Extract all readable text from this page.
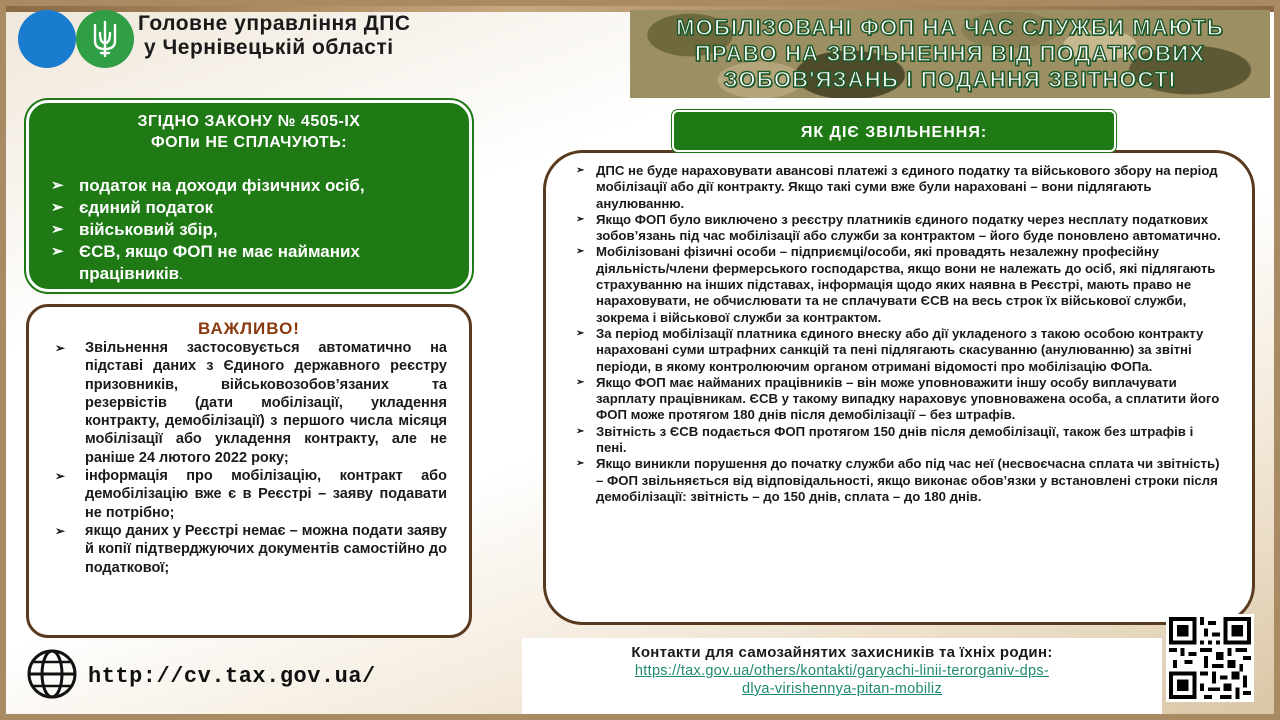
Головне управління ДПС
у Чернівецькій області
МОБІЛІЗОВАНІ ФОП НА ЧАС СЛУЖБИ МАЮТЬ
ПРАВО НА ЗВІЛЬНЕННЯ ВІД ПОДАТКОВИХ
ЗОБОВ'ЯЗАНЬ І ПОДАННЯ ЗВІТНОСТІ
ЗГІДНО ЗАКОНУ № 4505-ІХ
ФОПи НЕ СПЛАЧУЮТЬ:
➢ податок на доходи фізичних осіб,
➢ єдиний податок
➢ військовий збір,
➢ ЄСВ, якщо ФОП не має найманих працівників.
ВАЖЛИВО!
➢ Звільнення застосовується автоматично на підставі даних з Єдиного державного реєстру призовників, військовозобов’язаних та резервістів (дати мобілізації, укладення контракту, демобілізації) з першого числа місяця мобілізації або укладення контракту, але не раніше 24 лютого 2022 року;
➢ інформація про мобілізацію, контракт або демобілізацію вже є в Реєстрі – заяву подавати не потрібно;
➢ якщо даних у Реєстрі немає – можна подати заяву й копії підтверджуючих документів самостійно до податкової;
➢ ДПС не буде нараховувати авансові платежі з єдиного податку та військового збору на період мобілізації або дії контракту. Якщо такі суми вже були нараховані – вони підлягають анулюванню.
➢ Якщо ФОП було виключено з реєстру платників єдиного податку через несплату податкових зобов’язань під час мобілізації або служби за контрактом – його буде поновлено автоматично.
➢ Мобілізовані фізичні особи – підприємці/особи, які провадять незалежну професійну діяльність/члени фермерського господарства, якщо вони не належать до осіб, які підлягають страхуванню на інших підставах, інформація щодо яких наявна в Реєстрі, мають право не нараховувати, не обчислювати та не сплачувати ЄСВ на весь строк їх військової служби, зокрема і військової служби за контрактом.
➢ За період мобілізації платника єдиного внеску або дії укладеного з такою особою контракту нараховані суми штрафних санкцій та пені підлягають скасуванню (анулюванню) за звітні періоди, в якому контролюючим органом отримані відомості про мобілізацію ФОПа.
➢ Якщо ФОП має найманих працівників – він може уповноважити іншу особу виплачувати зарплату працівникам. ЄСВ у такому випадку нараховує уповноважена особа, а сплатити його ФОП може протягом 180 днів після демобілізації – без штрафів.
➢ Звітність з ЄСВ подається ФОП протягом 150 днів після демобілізації, також без штрафів і пені.
➢ Якщо виникли порушення до початку служби або під час неї (несвоєчасна сплата чи звітність) – ФОП звільняється від відповідальності, якщо виконає обов’язки у встановлені строки після демобілізації: звітність – до 150 днів, сплата – до 180 днів.
ЯК ДІЄ ЗВІЛЬНЕННЯ:
Контакти для самозайнятих захисників та їхніх родин:
https://tax.gov.ua/others/kontakti/garyachi-linii-terorganiv-dps-
dlya-virishennya-pitan-mobiliz
http://cv.tax.gov.ua/
